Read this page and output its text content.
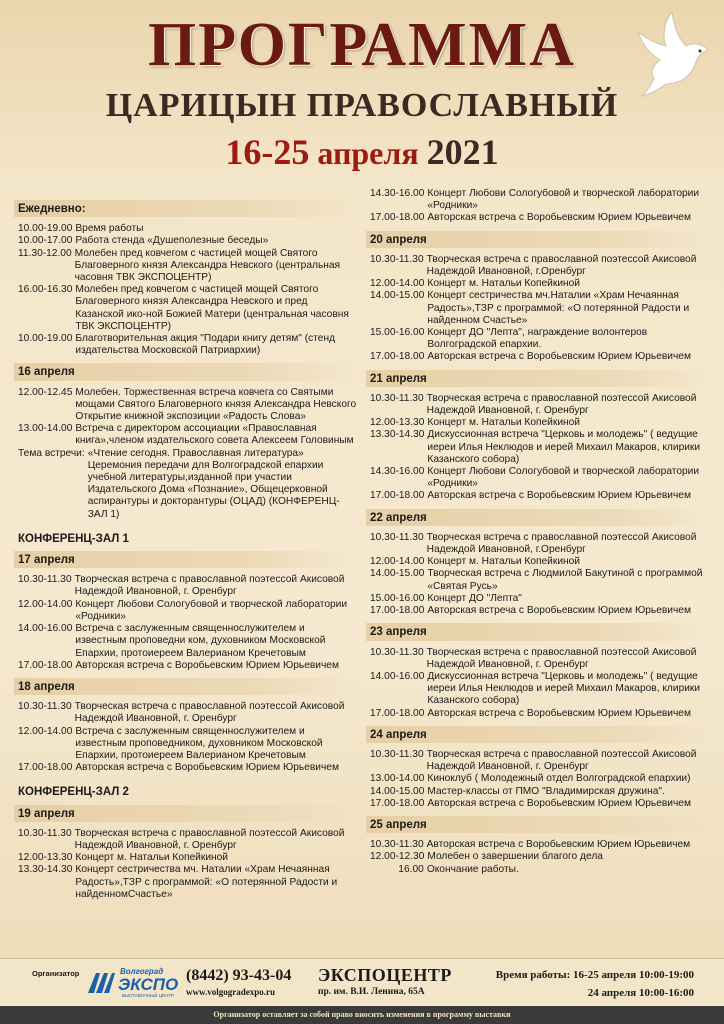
ПРОГРАММА
ЦАРИЦЫН ПРАВОСЛАВНЫЙ
16-25 апреля 2021
Ежедневно:
10.00-19.00 Время работы
10.00-17.00 Работа стенда «Душеполезные беседы»
11.30-12.00 Молебен пред ковчегом с частицей мощей Святого Благоверного князя Александра Невского (центральная часовня ТВК ЭКСПОЦЕНТР)
16.00-16.30 Молебен пред ковчегом с частицей мощей Святого Благоверного князя Александра Невского и пред Казанской ико-ной Божией Матери (центральная часовня ТВК ЭКСПОЦЕНТР)
10.00-19.00 Благотворительная акция "Подари книгу детям" (стенд издательства Московской Патриархии)
16 апреля
12.00-12.45 Молебен. Торжественная встреча ковчега со Святыми мощами Святого Благоверного князя Александра Невского Открытие книжной экспозиции «Радость Слова»
13.00-14.00 Встреча с директором ассоциации «Православная книга»,членом издательского совета Алексеем Головиным
Тема встречи: «Чтение сегодня. Православная литература» Церемония передачи для Волгоградской епархии учебной литературы,изданной при участии Издательского Дома «Познание», Общецерковной аспирантуры и докторантуры (ОЦАД) (КОНФЕРЕНЦ-ЗАЛ 1)
КОНФЕРЕНЦ-ЗАЛ 1
17 апреля
10.30-11.30 Творческая встреча с православной поэтессой Акисовой Надеждой Ивановной, г. Оренбург
12.00-14.00 Концерт Любови Сологубовой и творческой лаборатории «Родники»
14.00-16.00 Встреча с заслуженным священнослужителем и известным проповедни ком, духовником Московской Епархии, протоиереем Валерианом Кречетовым
17.00-18.00 Авторская встреча с Воробьевским Юрием Юрьевичем
18 апреля
10.30-11.30 Творческая встреча с православной поэтессой Акисовой Надеждой Ивановной, г. Оренбург
12.00-14.00 Встреча с заслуженным священнослужителем и известным проповедником, духовником Московской Епархии, протоиереем Валерианом Кречетовым
17.00-18.00 Авторская встреча с Воробьевским Юрием Юрьевичем
КОНФЕРЕНЦ-ЗАЛ 2
19 апреля
10.30-11.30 Творческая встреча с православной поэтессой Акисовой Надеждой Ивановной, г. Оренбург
12.00-13.30 Концерт м. Натальи Копейкиной
13.30-14.30 Концерт сестричества мч. Наталии «Храм Нечаянная Радость»,ТЗР с программой: «О потерянной Радости и найденномСчастье»
14.30-16.00 Концерт Любови Сологубовой и творческой лаборатории «Родники»
17.00-18.00 Авторская встреча с Воробьевским Юрием Юрьевичем
20 апреля
10.30-11.30 Творческая встреча с православной поэтессой Акисовой Надеждой Ивановной, г.Оренбург
12.00-14.00 Концерт м. Натальи Копейкиной
14.00-15.00 Концерт сестричества мч.Наталии «Храм Нечаянная Радость»,ТЗР с программой: «О потерянной Радости и найденном Счастье»
15.00-16.00 Концерт ДО "Лепта", награждение волонтеров Волгоградской епархии.
17.00-18.00 Авторская встреча с Воробьевским Юрием Юрьевичем
21 апреля
10.30-11.30 Творческая встреча с православной поэтессой Акисовой Надеждой Ивановной, г. Оренбург
12.00-13.30 Концерт м. Натальи Копейкиной
13.30-14.30 Дискуссионная встреча "Церковь и молодежь" ( ведущие иереи Илья Неклюдов и иерей Михаил Макаров, клирики Казанского собора)
14.30-16.00 Концерт Любови Сологубовой и творческой лаборатории «Родники»
17.00-18.00 Авторская встреча с Воробьевским Юрием Юрьевичем
22 апреля
10.30-11.30 Творческая встреча с православной поэтессой Акисовой Надеждой Ивановной, г.Оренбург
12.00-14.00 Концерт м. Натальи Копейкиной
14.00-15.00 Творческая встреча с Людмилой Бакутиной с программой «Святая Русь»
15.00-16.00 Концерт ДО "Лепта"
17.00-18.00 Авторская встреча с Воробьевским Юрием Юрьевичем
23 апреля
10.30-11.30 Творческая встреча с православной поэтессой Акисовой Надеждой Ивановной, г. Оренбург
14.00-16.00 Дискуссионная встреча "Церковь и молодежь" ( ведущие иереи Илья Неклюдов и иерей Михаил Макаров, клирики Казанского собора)
17.00-18.00 Авторская встреча с Воробьевским Юрием Юрьевичем
24 апреля
10.30-11.30 Творческая встреча с православной поэтессой Акисовой Надеждой Ивановной, г. Оренбург
13.00-14.00 Киноклуб ( Молодежный отдел Волгоградской епархии)
14.00-15.00 Мастер-классы от ПМО "Владимирская дружина".
17.00-18.00 Авторская встреча с Воробьевским Юрием Юрьевичем
25 апреля
10.30-11.30 Авторская встреча с Воробьевским Юрием Юрьевичем
12.00-12.30 Молебен о завершении благого дела
16.00 Окончание работы.
Организатор	Волгоград
ЭКСПО
ВЫСТАВОЧНЫЙ ЦЕНТР
(8442) 93-43-04
www.volgogradexpo.ru
ЭКСПОЦЕНТР
пр. им. В.И. Ленина, 65А
Время работы: 16-25 апреля 10:00-19:00
24 апреля 10:00-16:00
Организатор оставляет за собой право вносить изменения в программу выставки
